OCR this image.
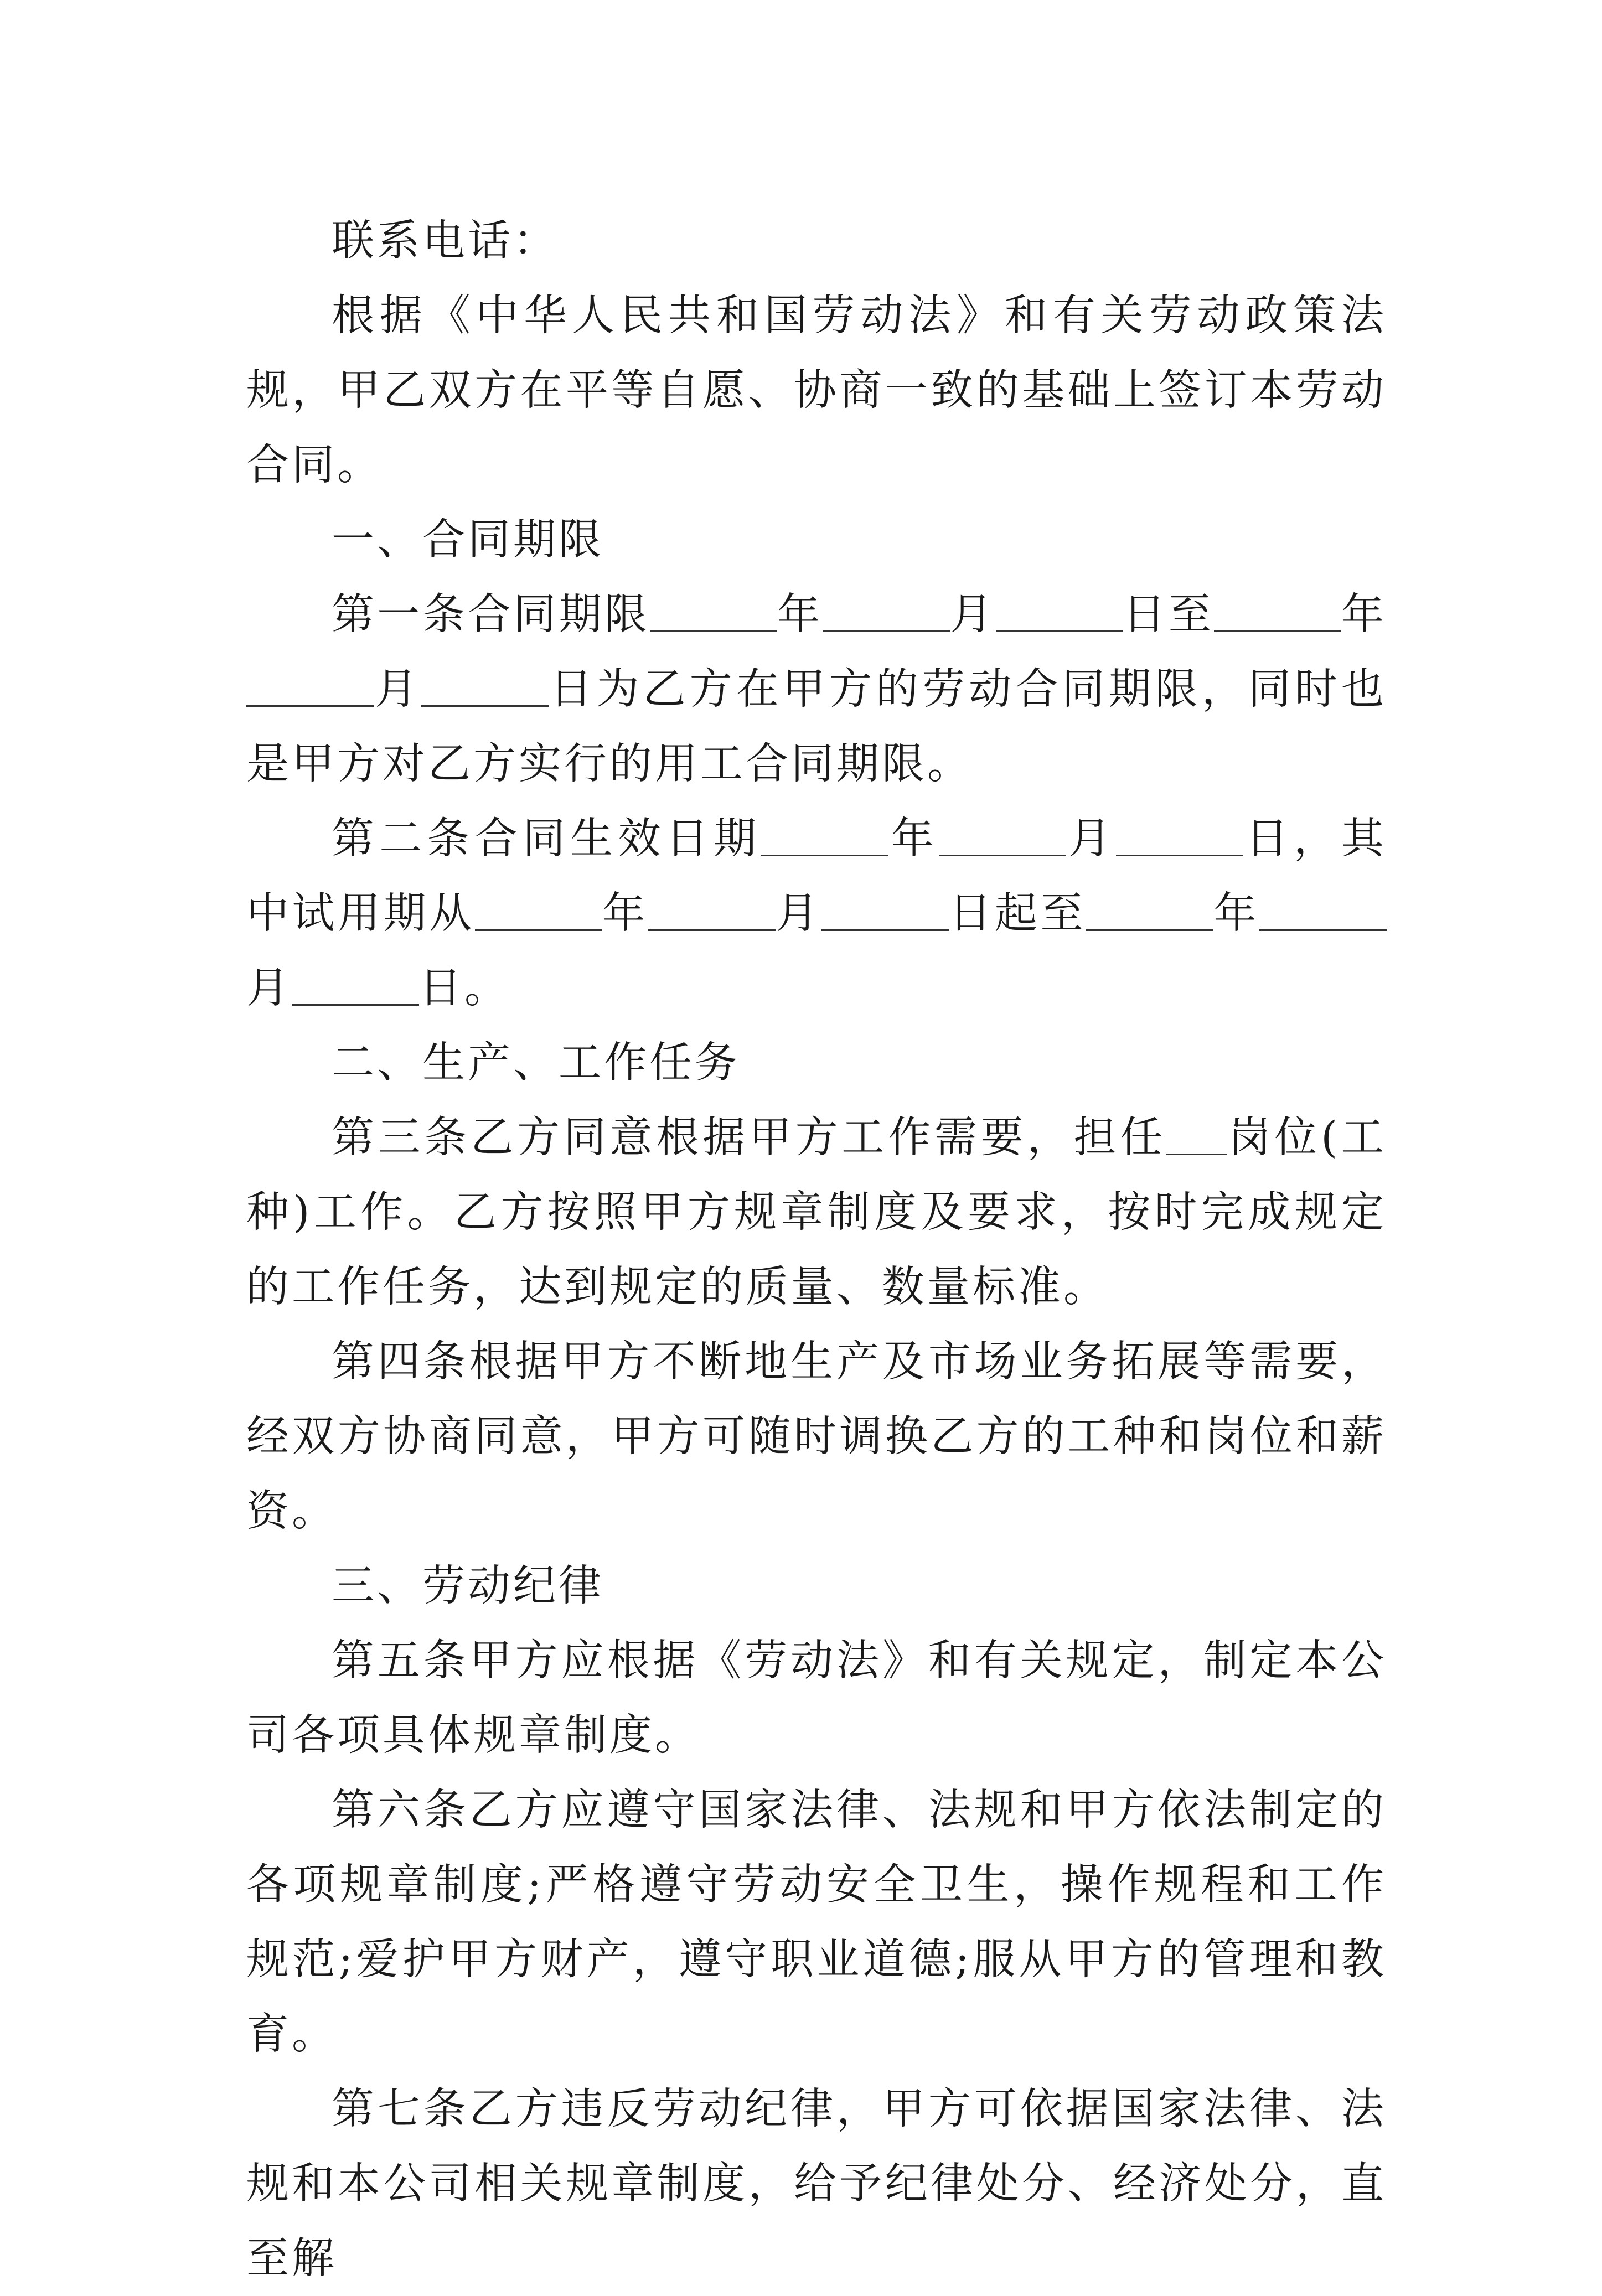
联系电话：

根据《中华人民共和国劳动法》和有关劳动政策法规，甲乙双方在平等自愿、协商一致的基础上签订本劳动合同。

一、合同期限

第一条合同期限	年	月	日至	年月	日为乙方在甲方的劳动合同期限，同时也是甲方对乙方实行的用工合同期限。

第二条合同生效日期	年	月	日，其中试用期从	年	月	日起至	年月	日。

二、生产、工作任务

第三条乙方同意根据甲方工作需要，担任 岗位(工种)工作。乙方按照甲方规章制度及要求，按时完成规定的工作任务，达到规定的质量、数量标准。

第四条根据甲方不断地生产及市场业务拓展等需要，经双方协商同意，甲方可随时调换乙方的工种和岗位和薪资。

三、劳动纪律

第五条甲方应根据《劳动法》和有关规定，制定本公司各项具体规章制度。

第六条乙方应遵守国家法律、法规和甲方依法制定的各项规章制度;严格遵守劳动安全卫生，操作规程和工作规范;爱护甲方财产，遵守职业道德;服从甲方的管理和教育。

第七条乙方违反劳动纪律，甲方可依据国家法律、法规和本公司相关规章制度，给予纪律处分、经济处分，直至解
